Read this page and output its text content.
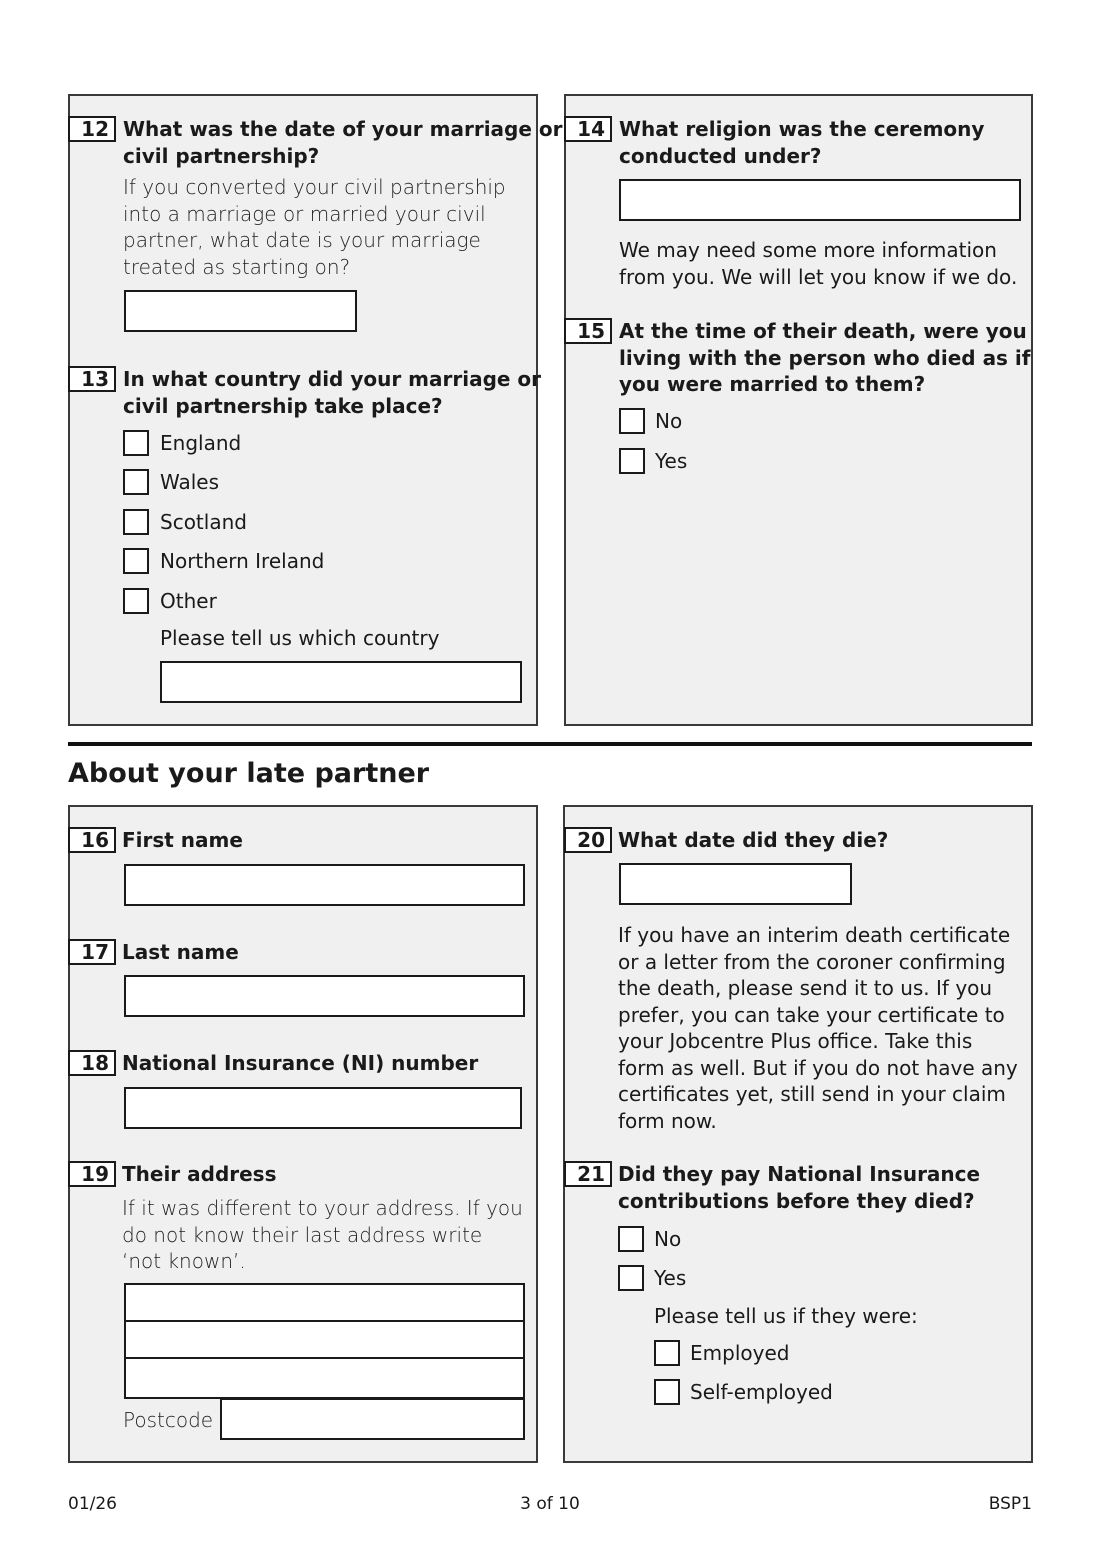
12 What was the date of your marriage or
civil partnership?
If you converted your civil partnership
into a marriage or married your civil
partner, what date is your marriage
treated as starting on?
13 In what country did your marriage or
civil partnership take place?
England
Wales
Scotland
Northern Ireland
Other
Please tell us which country
14 What religion was the ceremony
conducted under?
We may need some more information
from you. We will let you know if we do.
15 At the time of their death, were you
living with the person who died as if
you were married to them?
No
Yes
About your late partner
16 First name
17 Last name
18 National Insurance (NI) number
19 Their address
If it was different to your address. If you
do not know their last address write
‘not known’.
Postcode
20 What date did they die?
If you have an interim death certificate
or a letter from the coroner confirming
the death, please send it to us. If you
prefer, you can take your certificate to
your Jobcentre Plus office. Take this
form as well. But if you do not have any
certificates yet, still send in your claim
form now.
21 Did they pay National Insurance
contributions before they died?
No
Yes
Please tell us if they were:
Employed
Self-employed
01/26	3 of 10	BSP1
